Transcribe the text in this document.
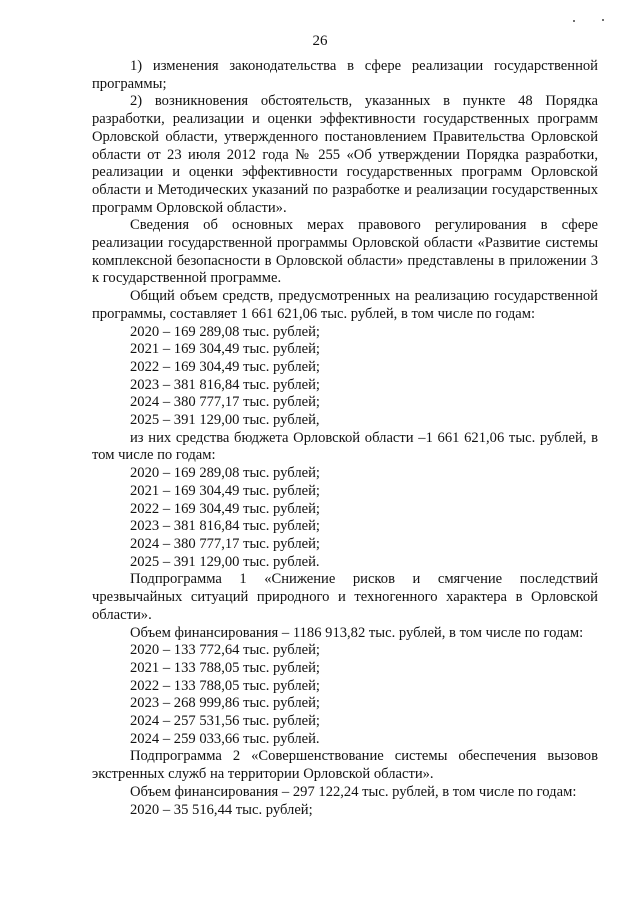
26

1) изменения законодательства в сфере реализации государственной программы;

2) возникновения обстоятельств, указанных в пункте 48 Порядка разработки, реализации и оценки эффективности государственных программ Орловской области, утвержденного постановлением Правительства Орловской области от 23 июля 2012 года № 255 «Об утверждении Порядка разработки, реализации и оценки эффективности государственных программ Орловской области и Методических указаний по разработке и реализации государственных программ Орловской области».

Сведения об основных мерах правового регулирования в сфере реализации государственной программы Орловской области «Развитие системы комплексной безопасности в Орловской области» представлены в приложении 3 к государственной программе.

Общий объем средств, предусмотренных на реализацию государственной программы, составляет 1 661 621,06 тыс. рублей, в том числе по годам:

2020 – 169 289,08 тыс. рублей;

2021 – 169 304,49 тыс. рублей;

2022 – 169 304,49 тыс. рублей;

2023 – 381 816,84 тыс. рублей;

2024 – 380 777,17 тыс. рублей;

2025 – 391 129,00 тыс. рублей,

из них средства бюджета Орловской области –1 661 621,06 тыс. рублей, в том числе по годам:

2020 – 169 289,08 тыс. рублей;

2021 – 169 304,49 тыс. рублей;

2022 – 169 304,49 тыс. рублей;

2023 – 381 816,84 тыс. рублей;

2024 – 380 777,17 тыс. рублей;

2025 – 391 129,00 тыс. рублей.

Подпрограмма 1 «Снижение рисков и смягчение последствий чрезвычайных ситуаций природного и техногенного характера в Орловской области».

Объем финансирования – 1186 913,82 тыс. рублей, в том числе по годам:

2020 – 133 772,64 тыс. рублей;

2021 – 133 788,05 тыс. рублей;

2022 – 133 788,05 тыс. рублей;

2023 – 268 999,86 тыс. рублей;

2024 – 257 531,56 тыс. рублей;

2024 – 259 033,66 тыс. рублей.

Подпрограмма 2 «Совершенствование системы обеспечения вызовов экстренных служб на территории Орловской области».

Объем финансирования – 297 122,24 тыс. рублей, в том числе по годам:

2020 – 35 516,44 тыс. рублей;
